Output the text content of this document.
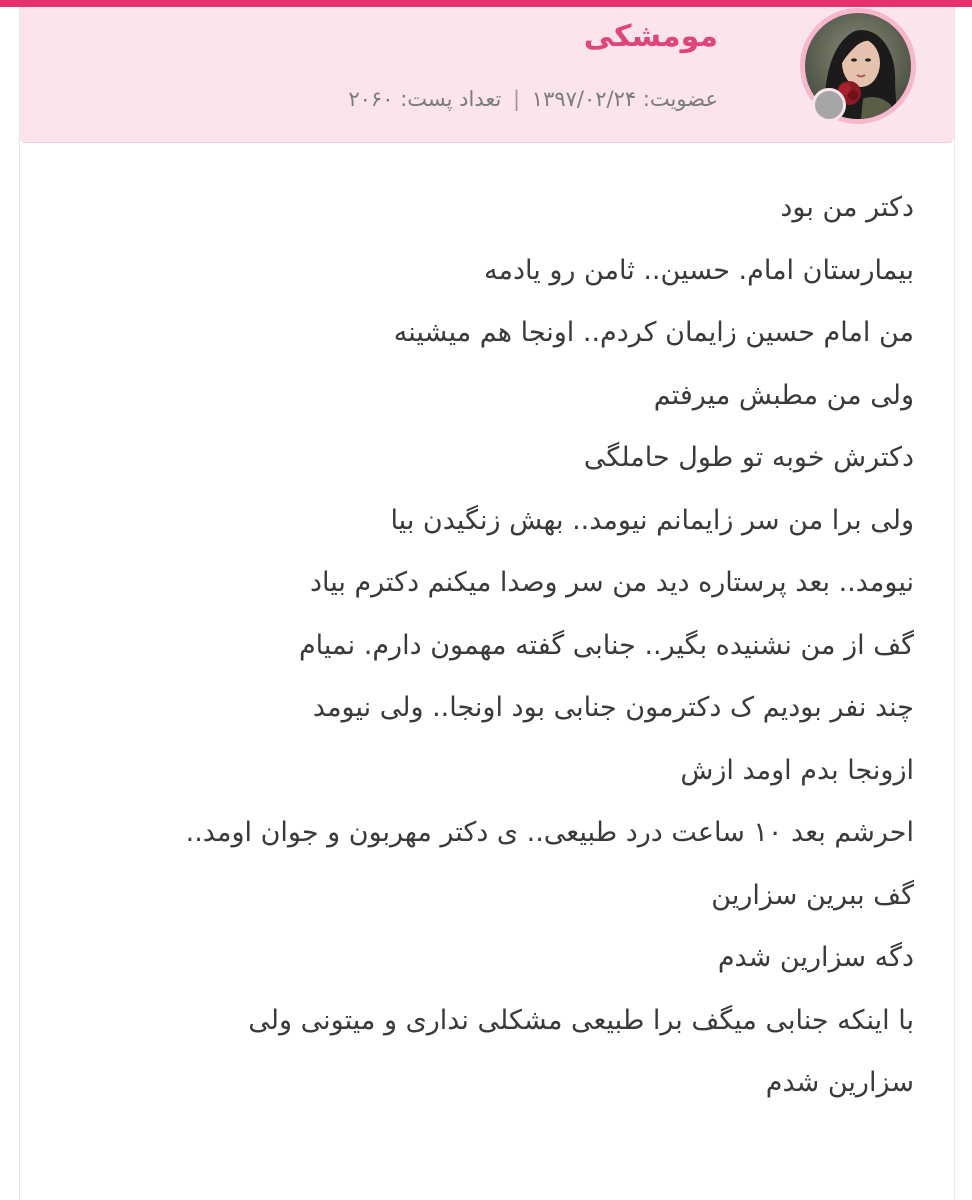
مومشکی
عضویت: ۱۳۹۷/۰۲/۲۴ | تعداد پست: ۲۰۶۰
دکتر من بود
بیمارستان امام. حسین.. ثامن رو یادمه
من امام حسین زایمان کردم.. اونجا هم میشینه
ولی من مطبش میرفتم
دکترش خوبه تو طول حاملگی
ولی برا من سر زایمانم نیومد.. بهش زنگیدن بیا
نیومد.. بعد پرستاره دید من سر وصدا میکنم دکترم بیاد
گف از من نشنیده بگیر.. جنابی گفته مهمون دارم. نمیام
چند نفر بودیم ک دکترمون جنابی بود اونجا.. ولی نیومد
ازونجا بدم اومد ازش
احرشم بعد ۱۰ ساعت درد طبیعی.. ی دکتر مهربون و جوان اومد..
گف ببرین سزارین
دگه سزارین شدم
با اینکه جنابی میگف برا طبیعی مشکلی نداری و میتونی ولی
سزارین شدم
